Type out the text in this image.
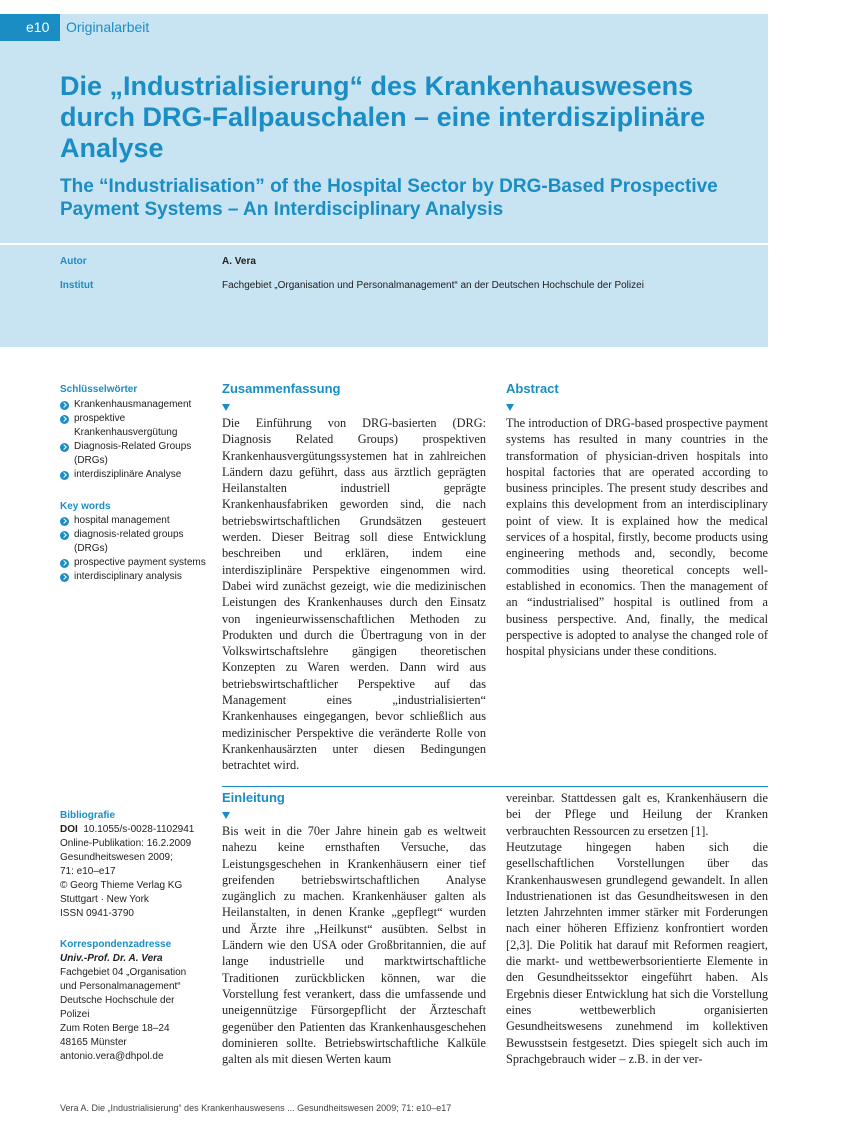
e10	Originalarbeit
Die „Industrialisierung“ des Krankenhauswesens durch DRG-Fallpauschalen – eine interdisziplinäre Analyse
The “Industrialisation” of the Hospital Sector by DRG-Based Prospective Payment Systems – An Interdisciplinary Analysis
Autor	A. Vera
Institut	Fachgebiet „Organisation und Personalmanagement“ an der Deutschen Hochschule der Polizei
Schlüsselwörter
Krankenhausmanagement
prospektive Krankenhausvergütung
Diagnosis-Related Groups (DRGs)
interdisziplinäre Analyse
Key words
hospital management
diagnosis-related groups (DRGs)
prospective payment systems
interdisciplinary analysis
Zusammenfassung

Die Einführung von DRG-basierten (DRG: Diagnosis Related Groups) prospektiven Krankenhausvergütungssystemen hat in zahlreichen Ländern dazu geführt, dass aus ärztlich geprägten Heilanstalten industriell geprägte Krankenhausfabriken geworden sind, die nach betriebswirtschaftlichen Grundsätzen gesteuert werden. Dieser Beitrag soll diese Entwicklung beschreiben und erklären, indem eine interdisziplinäre Perspektive eingenommen wird. Dabei wird zunächst gezeigt, wie die medizinischen Leistungen des Krankenhauses durch den Einsatz von ingenieurwissenschaftlichen Methoden zu Produkten und durch die Übertragung von in der Volkswirtschaftslehre gängigen theoretischen Konzepten zu Waren werden. Dann wird aus betriebswirtschaftlicher Perspektive auf das Management eines „industrialisierten“ Krankenhauses eingegangen, bevor schließlich aus medizinischer Perspektive die veränderte Rolle von Krankenhausärzten unter diesen Bedingungen betrachtet wird.

Abstract

The introduction of DRG-based prospective payment systems has resulted in many countries in the transformation of physician-driven hospitals into hospital factories that are operated according to business principles. The present study describes and explains this development from an interdisciplinary point of view. It is explained how the medical services of a hospital, firstly, become products using engineering methods and, secondly, become commodities using theoretical concepts well-established in economics. Then the management of an “industrialised” hospital is outlined from a business perspective. And, finally, the medical perspective is adopted to analyse the changed role of hospital physicians under these conditions.

Bibliografie
DOI 10.1055/s-0028-1102941
Online-Publikation: 16.2.2009
Gesundheitswesen 2009;
71: e10–e17
© Georg Thieme Verlag KG
Stuttgart · New York
ISSN 0941-3790
Korrespondenzadresse
Univ.-Prof. Dr. A. Vera
Fachgebiet 04 „Organisation
und Personalmanagement“
Deutsche Hochschule der
Polizei
Zum Roten Berge 18–24
48165 Münster
antonio.vera@dhpol.de
Einleitung

Bis weit in die 70er Jahre hinein gab es weltweit nahezu keine ernsthaften Versuche, das Leistungsgeschehen in Krankenhäusern einer tief greifenden betriebswirtschaftlichen Analyse zugänglich zu machen. Krankenhäuser galten als Heilanstalten, in denen Kranke „gepflegt“ wurden und Ärzte ihre „Heilkunst“ ausübten. Selbst in Ländern wie den USA oder Großbritannien, die auf lange industrielle und marktwirtschaftliche Traditionen zurückblicken können, war die Vorstellung fest verankert, dass die umfassende und uneigennützige Fürsorgepflicht der Ärzteschaft gegenüber den Patienten das Krankenhausgeschehen dominieren sollte. Betriebswirtschaftliche Kalküle galten als mit diesen Werten kaum

vereinbar. Stattdessen galt es, Krankenhäusern die bei der Pflege und Heilung der Kranken verbrauchten Ressourcen zu ersetzen [1].

Heutzutage hingegen haben sich die gesellschaftlichen Vorstellungen über das Krankenhauswesen grundlegend gewandelt. In allen Industrienationen ist das Gesundheitswesen in den letzten Jahrzehnten immer stärker mit Forderungen nach einer höheren Effizienz konfrontiert worden [2,3]. Die Politik hat darauf mit Reformen reagiert, die markt- und wettbewerbsorientierte Elemente in den Gesundheitssektor eingeführt haben. Als Ergebnis dieser Entwicklung hat sich die Vorstellung eines wettbewerblich organisierten Gesundheitswesens zunehmend im kollektiven Bewusstsein festgesetzt. Dies spiegelt sich auch im Sprachgebrauch wider – z.B. in der ver-

Vera A. Die „Industrialisierung“ des Krankenhauswesens ... Gesundheitswesen 2009; 71: e10–e17
